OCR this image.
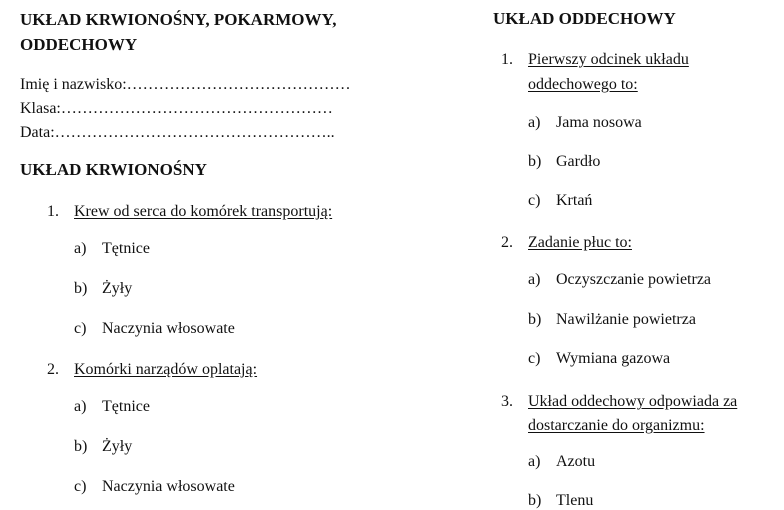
UKŁAD KRWIONOŚNY, POKARMOWY,
ODDECHOWY
Imię i nazwisko:……………………………………
Klasa:……………………………………………
Data:……………………………………………..
UKŁAD KRWIONOŚNY
1. Krew od serca do komórek transportują:
a) Tętnice
b) Żyły
c) Naczynia włosowate
2. Komórki narządów oplatają:
a) Tętnice
b) Żyły
c) Naczynia włosowate
UKŁAD ODDECHOWY
1. Pierwszy odcinek układu
oddechowego to:
a) Jama nosowa
b) Gardło
c) Krtań
2. Zadanie płuc to:
a) Oczyszczanie powietrza
b) Nawilżanie powietrza
c) Wymiana gazowa
3. Układ oddechowy odpowiada za
dostarczanie do organizmu:
a) Azotu
b) Tlenu
